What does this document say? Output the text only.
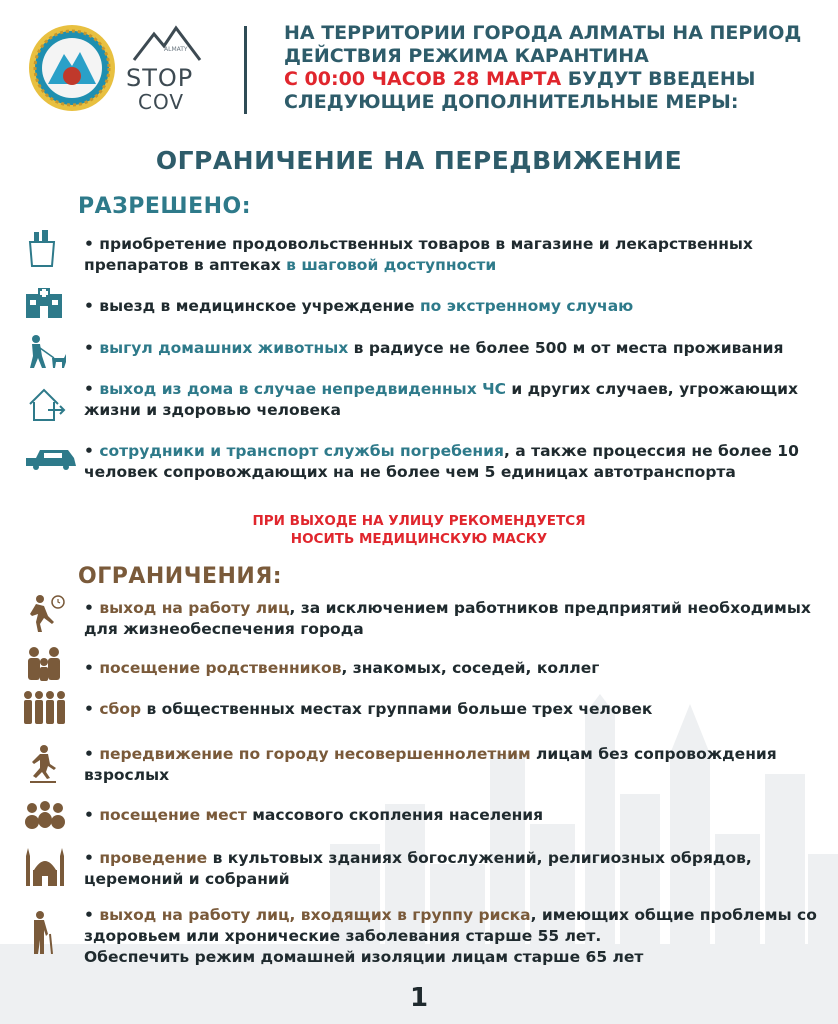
ALMATY
STOP
COV
НА ТЕРРИТОРИИ ГОРОДА АЛМАТЫ НА ПЕРИОД
ДЕЙСТВИЯ РЕЖИМА КАРАНТИНА
С 00:00 ЧАСОВ 28 МАРТА БУДУТ ВВЕДЕНЫ
СЛЕДУЮЩИЕ ДОПОЛНИТЕЛЬНЫЕ МЕРЫ:
ОГРАНИЧЕНИЕ НА ПЕРЕДВИЖЕНИЕ
РАЗРЕШЕНО:
• приобретение продовольственных товаров в магазине и лекарственных препаратов в аптеках в шаговой доступности
• выезд в медицинское учреждение по экстренному случаю
• выгул домашних животных в радиусе не более 500 м от места проживания
• выход из дома в случае непредвиденных ЧС и других случаев, угрожающих жизни и здоровью человека
• сотрудники и транспорт службы погребения, а также процессия не более 10 человек сопровождающих на не более чем 5 единицах автотранспорта
ПРИ ВЫХОДЕ НА УЛИЦУ РЕКОМЕНДУЕТСЯ
НОСИТЬ МЕДИЦИНСКУЮ МАСКУ
ОГРАНИЧЕНИЯ:
• выход на работу лиц, за исключением работников предприятий необходимых для жизнеобеспечения города
• посещение родственников, знакомых, соседей, коллег
• сбор в общественных местах группами больше трех человек
• передвижение по городу несовершеннолетним лицам без сопровождения взрослых
• посещение мест массового скопления населения
• проведение в культовых зданиях богослужений, религиозных обрядов, церемоний и собраний
• выход на работу лиц, входящих в группу риска, имеющих общие проблемы со здоровьем или хронические заболевания старше 55 лет.
Обеспечить режим домашней изоляции лицам старше 65 лет
1
